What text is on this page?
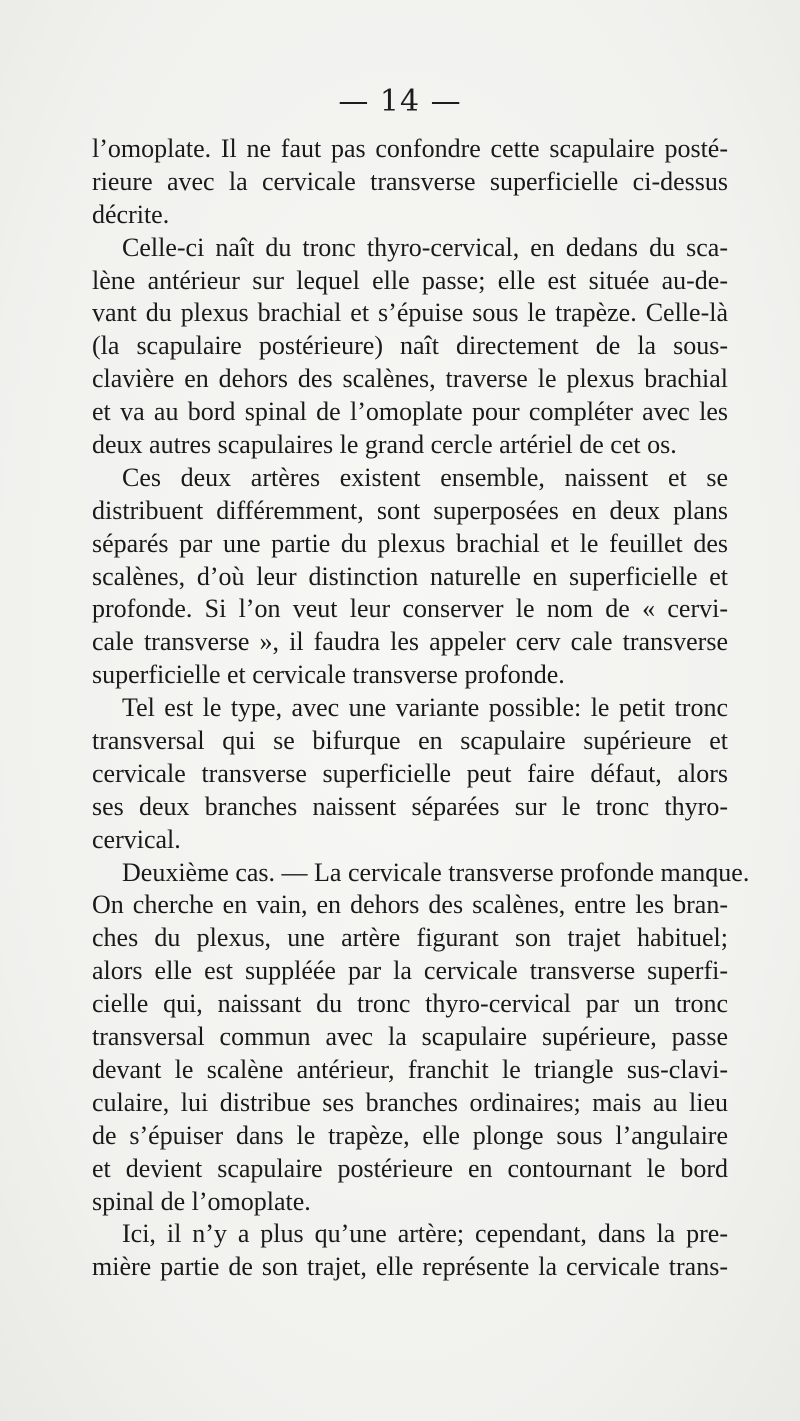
— 14 —
l’omoplate. Il ne faut pas confondre cette scapulaire posté-
rieure avec la cervicale transverse superficielle ci-dessus
décrite.
Celle-ci naît du tronc thyro-cervical, en dedans du sca-
lène antérieur sur lequel elle passe; elle est située au-de-
vant du plexus brachial et s’épuise sous le trapèze. Celle-là
(la scapulaire postérieure) naît directement de la sous-
clavière en dehors des scalènes, traverse le plexus brachial
et va au bord spinal de l’omoplate pour compléter avec les
deux autres scapulaires le grand cercle artériel de cet os.
Ces deux artères existent ensemble, naissent et se
distribuent différemment, sont superposées en deux plans
séparés par une partie du plexus brachial et le feuillet des
scalènes, d’où leur distinction naturelle en superficielle et
profonde. Si l’on veut leur conserver le nom de « cervi-
cale transverse », il faudra les appeler cerv cale transverse
superficielle et cervicale transverse profonde.
Tel est le type, avec une variante possible: le petit tronc
transversal qui se bifurque en scapulaire supérieure et
cervicale transverse superficielle peut faire défaut, alors
ses deux branches naissent séparées sur le tronc thyro-
cervical.
Deuxième cas. — La cervicale transverse profonde manque.
On cherche en vain, en dehors des scalènes, entre les bran-
ches du plexus, une artère figurant son trajet habituel;
alors elle est suppléée par la cervicale transverse superfi-
cielle qui, naissant du tronc thyro-cervical par un tronc
transversal commun avec la scapulaire supérieure, passe
devant le scalène antérieur, franchit le triangle sus-clavi-
culaire, lui distribue ses branches ordinaires; mais au lieu
de s’épuiser dans le trapèze, elle plonge sous l’angulaire
et devient scapulaire postérieure en contournant le bord
spinal de l’omoplate.
Ici, il n’y a plus qu’une artère; cependant, dans la pre-
mière partie de son trajet, elle représente la cervicale trans-
